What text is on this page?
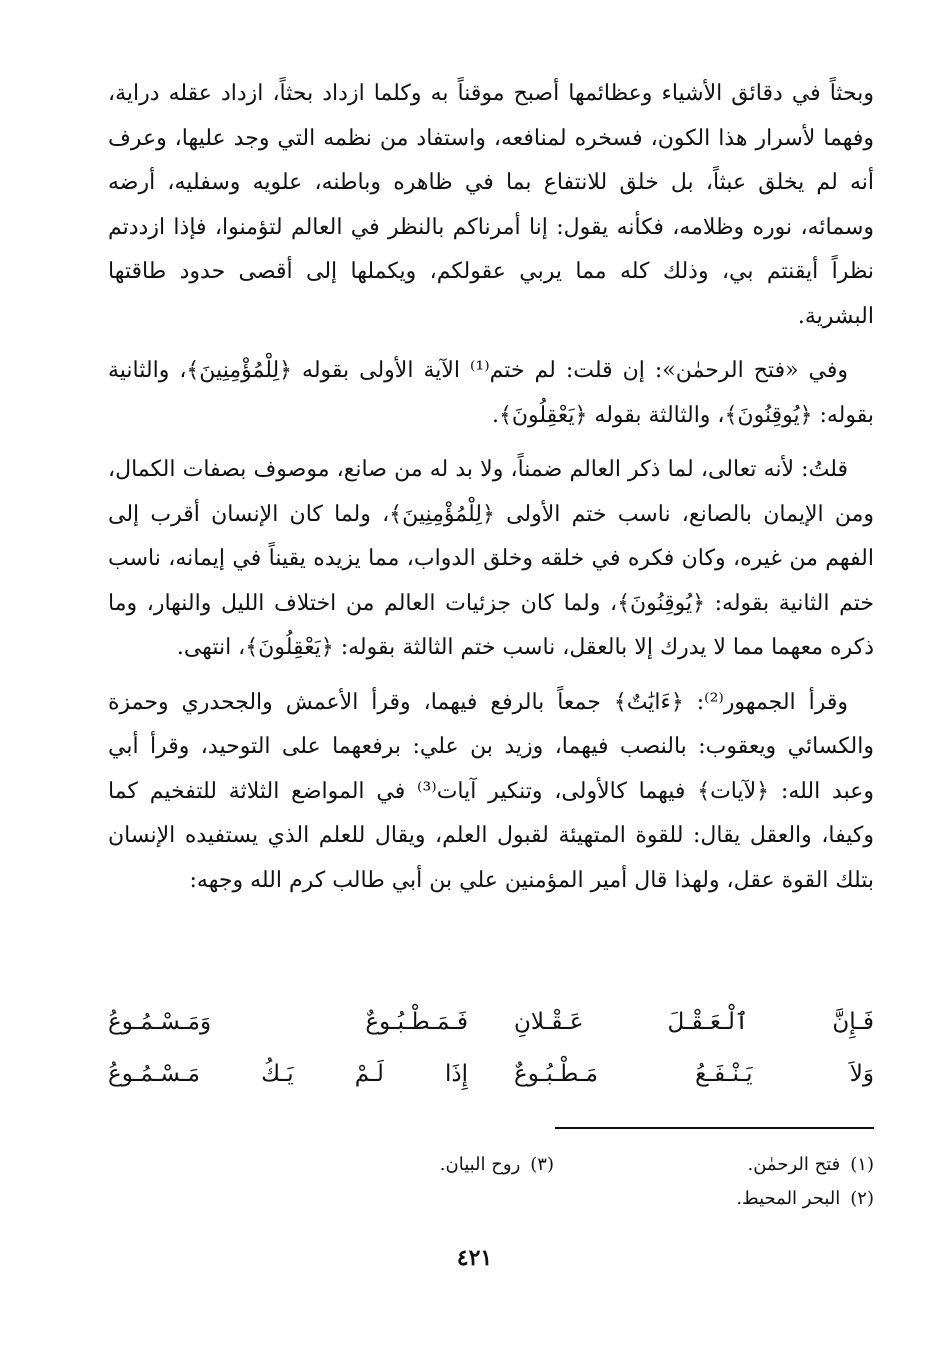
وبحثاً في دقائق الأشياء وعظائمها أصبح موقناً به وكلما ازداد بحثاً، ازداد عقله دراية، وفهما لأسرار هذا الكون، فسخره لمنافعه، واستفاد من نظمه التي وجد عليها، وعرف أنه لم يخلق عبثاً، بل خلق للانتفاع بما في ظاهره وباطنه، علويه وسفليه، أرضه وسمائه، نوره وظلامه، فكأنه يقول: إنا أمرناكم بالنظر في العالم لتؤمنوا، فإذا ازددتم نظراً أيقنتم بي، وذلك كله مما يربي عقولكم، ويكملها إلى أقصى حدود طاقتها البشرية.

وفي «فتح الرحمٰن»: إن قلت: لم ختم⁽¹⁾ الآية الأولى بقوله ﴿لِلْمُؤْمِنِينَ﴾، والثانية بقوله: ﴿يُوقِنُونَ﴾، والثالثة بقوله ﴿يَعْقِلُونَ﴾.

قلتُ: لأنه تعالى، لما ذكر العالم ضمناً، ولا بد له من صانع، موصوف بصفات الكمال، ومن الإيمان بالصانع، ناسب ختم الأولى ﴿لِلْمُؤْمِنِينَ﴾، ولما كان الإنسان أقرب إلى الفهم من غيره، وكان فكره في خلقه وخلق الدواب، مما يزيده يقيناً في إيمانه، ناسب ختم الثانية بقوله: ﴿يُوقِنُونَ﴾، ولما كان جزئيات العالم من اختلاف الليل والنهار، وما ذكره معهما مما لا يدرك إلا بالعقل، ناسب ختم الثالثة بقوله: ﴿يَعْقِلُونَ﴾، انتهى.

وقرأ الجمهور⁽²⁾: ﴿ءَايَٰتٌ﴾ جمعاً بالرفع فيهما، وقرأ الأعمش والجحدري وحمزة والكسائي ويعقوب: بالنصب فيهما، وزيد بن علي: برفعهما على التوحيد، وقرأ أبي وعبد الله: ﴿لآيات﴾ فيهما كالأولى، وتنكير آيات⁽³⁾ في المواضع الثلاثة للتفخيم كما وكيفا، والعقل يقال: للقوة المتهيئة لقبول العلم، ويقال للعلم الذي يستفيده الإنسان بتلك القوة عقل، ولهذا قال أمير المؤمنين علي بن أبي طالب كرم الله وجهه:

فَـإِنَّ ٱلْـعَـقْـلَ عَـقْـلانِ
فَـمَـطْـبُـوعٌ وَمَـسْـمُـوعُ
وَلاَ يَـنْـفَـعُ مَـطْـبُـوعٌ
إِذَا لَـمْ يَـكُ مَـسْـمُـوعُ
(١)فتح الرحمٰن.
(٣)روح البيان.
(٢)البحر المحيط.
٤٢١
